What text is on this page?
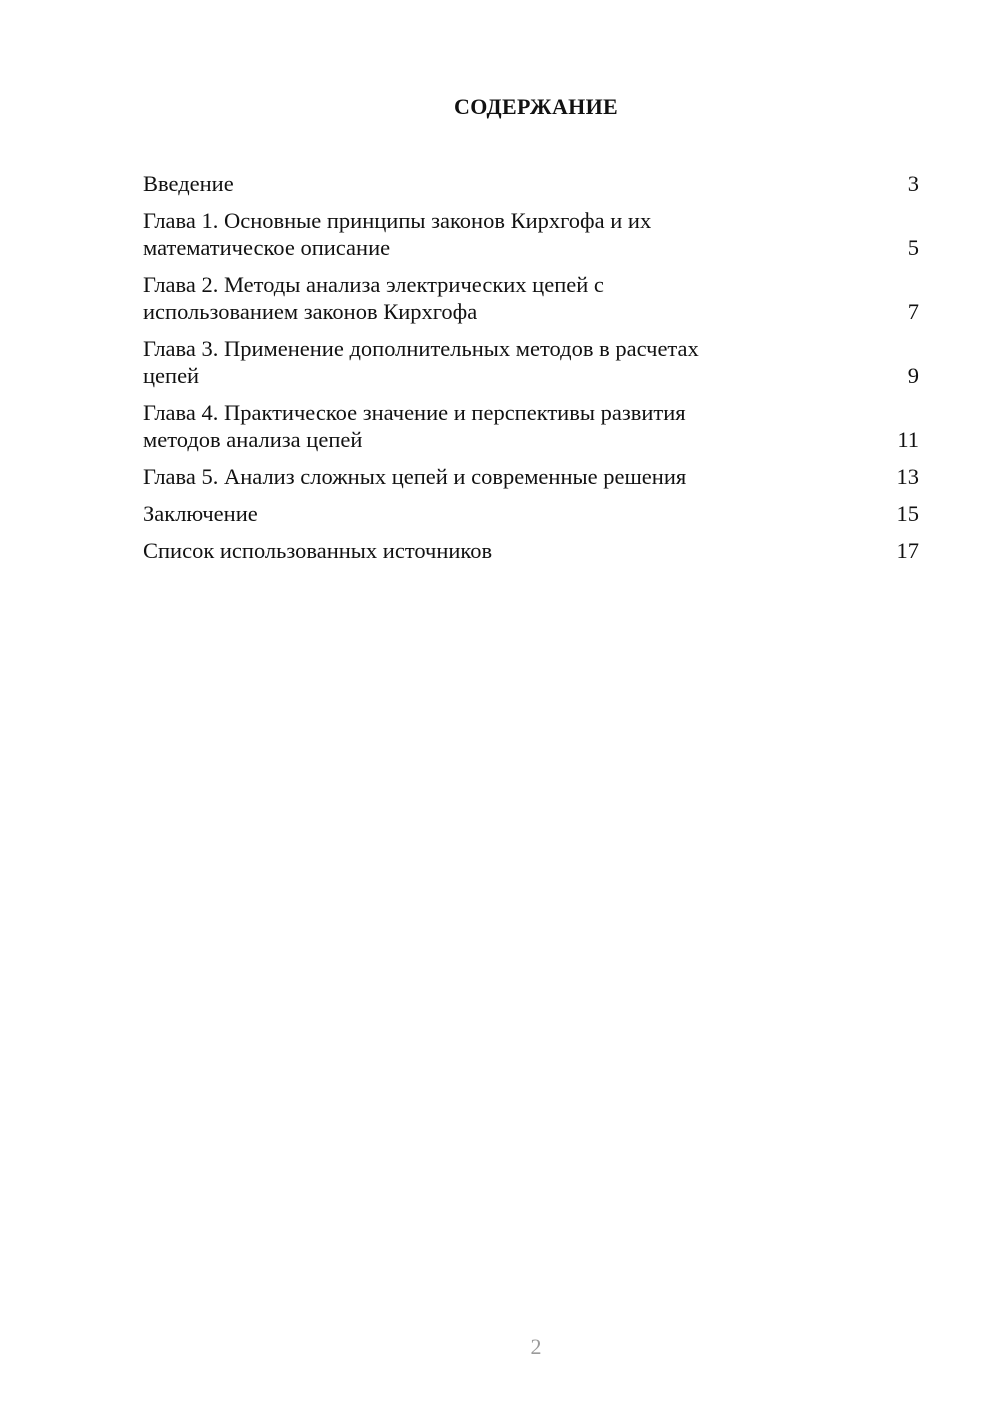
СОДЕРЖАНИЕ
Введение	3
Глава 1. Основные принципы законов Кирхгофа и их
математическое описание	5
Глава 2. Методы анализа электрических цепей с
использованием законов Кирхгофа	7
Глава 3. Применение дополнительных методов в расчетах
цепей	9
Глава 4. Практическое значение и перспективы развития
методов анализа цепей	11
Глава 5. Анализ сложных цепей и современные решения	13
Заключение	15
Список использованных источников	17
2
